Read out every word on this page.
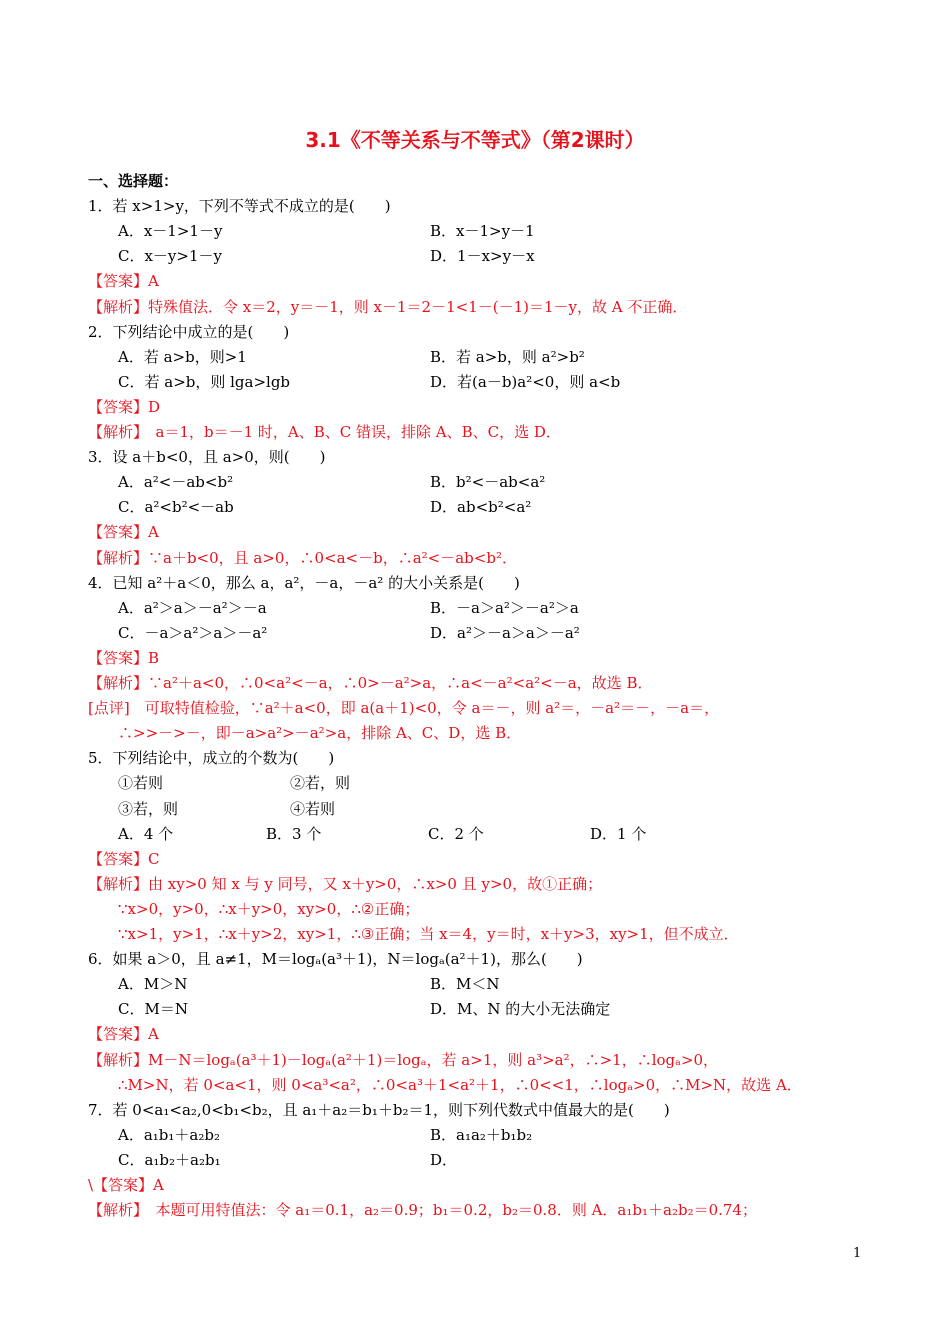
3.1《不等关系与不等式》（第2课时）
一、选择题：
1．若 x>1>y，下列不等式不成立的是(　　)
A．x－1>1－y	B．x－1>y－1
C．x－y>1－y	D．1－x>y－x
【答案】A
【解析】特殊值法．令 x＝2，y＝－1，则 x－1＝2－1<1－(－1)＝1－y，故 A 不正确．
2．下列结论中成立的是(　　)
A．若 a>b，则>1	B．若 a>b，则 a²>b²
C．若 a>b，则 lga>lgb	D．若(a－b)a²<0，则 a<b
【答案】D
【解析】　a＝1，b＝－1 时，A、B、C 错误，排除 A、B、C，选 D．
3．设 a＋b<0，且 a>0，则(　　)
A．a²<－ab<b²	B．b²<－ab<a²
C．a²<b²<－ab	D．ab<b²<a²
【答案】A
【解析】∵a＋b<0，且 a>0，∴0<a<－b，∴a²<－ab<b²．
4．已知 a²＋a＜0，那么 a，a²，－a，－a² 的大小关系是(　　)
A．a²＞a＞－a²＞－a	B．－a＞a²＞－a²＞a
C．－a＞a²＞a＞－a²	D．a²＞－a＞a＞－a²
【答案】B
【解析】∵a²＋a<0，∴0<a²<－a，∴0>－a²>a，∴a<－a²<a²<－a，故选 B．
[点评]　可取特值检验，∵a²＋a<0，即 a(a＋1)<0，令 a＝－，则 a²＝，－a²＝－，－a＝，
∴>>－>－，即－a>a²>－a²>a，排除 A、C、D，选 B．
5．下列结论中，成立的个数为(　　)
①若则	②若，则
③若，则	④若则
A．4 个	B．3 个	C．2 个	D．1 个
【答案】C
【解析】由 xy>0 知 x 与 y 同号，又 x＋y>0，∴x>0 且 y>0，故①正确；
∵x>0，y>0，∴x＋y>0，xy>0，∴②正确；
∵x>1，y>1，∴x＋y>2，xy>1，∴③正确；当 x＝4，y＝时，x＋y>3，xy>1，但不成立．
6．如果 a＞0，且 a≠1，M＝logₐ(a³＋1)，N＝logₐ(a²＋1)，那么(　　)
A．M＞N	B．M＜N
C．M＝N	D．M、N 的大小无法确定
【答案】A
【解析】M－N＝logₐ(a³＋1)－logₐ(a²＋1)＝logₐ，若 a>1，则 a³>a²，∴>1，∴logₐ>0，
∴M>N，若 0<a<1，则 0<a³<a²，∴0<a³＋1<a²＋1，∴0<<1，∴logₐ>0，∴M>N，故选 A．
7．若 0<a₁<a₂,0<b₁<b₂，且 a₁＋a₂＝b₁＋b₂＝1，则下列代数式中值最大的是(　　)
A．a₁b₁＋a₂b₂	B．a₁a₂＋b₁b₂
C．a₁b₂＋a₂b₁	D．
\【答案】A
【解析】　本题可用特值法：令 a₁＝0.1，a₂＝0.9；b₁＝0.2，b₂＝0.8．则 A．a₁b₁＋a₂b₂＝0.74；
1
